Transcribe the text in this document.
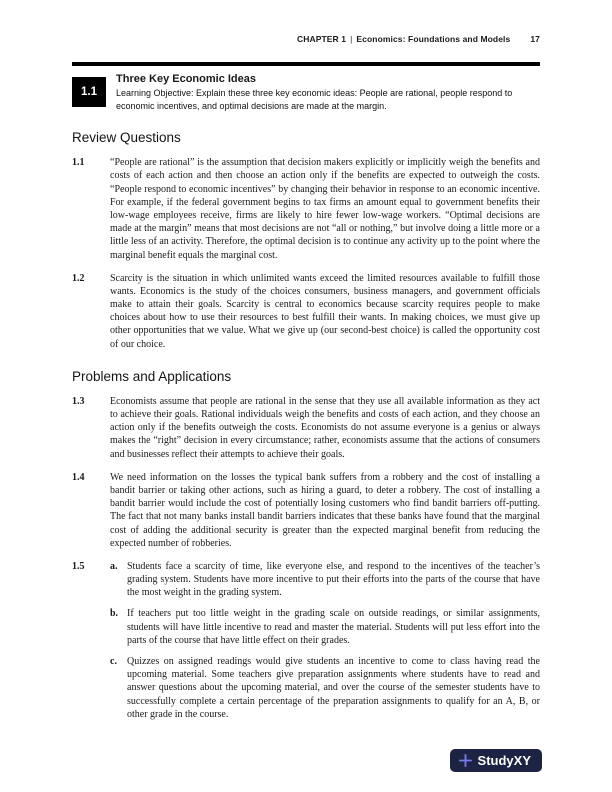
CHAPTER 1 | Economics: Foundations and Models 17
1.1
Three Key Economic Ideas
Learning Objective: Explain these three key economic ideas: People are rational, people respond to economic incentives, and optimal decisions are made at the margin.
Review Questions
1.1	“People are rational” is the assumption that decision makers explicitly or implicitly weigh the benefits and costs of each action and then choose an action only if the benefits are expected to outweigh the costs. “People respond to economic incentives” by changing their behavior in response to an economic incentive. For example, if the federal government begins to tax firms an amount equal to government benefits their low-wage employees receive, firms are likely to hire fewer low-wage workers. “Optimal decisions are made at the margin” means that most decisions are not “all or nothing,” but involve doing a little more or a little less of an activity. Therefore, the optimal decision is to continue any activity up to the point where the marginal benefit equals the marginal cost.

1.2	Scarcity is the situation in which unlimited wants exceed the limited resources available to fulfill those wants. Economics is the study of the choices consumers, business managers, and government officials make to attain their goals. Scarcity is central to economics because scarcity requires people to make choices about how to use their resources to best fulfill their wants. In making choices, we must give up other opportunities that we value. What we give up (our second-best choice) is called the opportunity cost of our choice.

Problems and Applications
1.3	Economists assume that people are rational in the sense that they use all available information as they act to achieve their goals. Rational individuals weigh the benefits and costs of each action, and they choose an action only if the benefits outweigh the costs. Economists do not assume everyone is a genius or always makes the “right” decision in every circumstance; rather, economists assume that the actions of consumers and businesses reflect their attempts to achieve their goals.

1.4	We need information on the losses the typical bank suffers from a robbery and the cost of installing a bandit barrier or taking other actions, such as hiring a guard, to deter a robbery. The cost of installing a bandit barrier would include the cost of potentially losing customers who find bandit barriers off-putting. The fact that not many banks install bandit barriers indicates that these banks have found that the marginal cost of adding the additional security is greater than the expected marginal benefit from reducing the expected number of robberies.

1.5	a. Students face a scarcity of time, like everyone else, and respond to the incentives of the teacher’s grading system. Students have more incentive to put their efforts into the parts of the course that have the most weight in the grading system.

b. If teachers put too little weight in the grading scale on outside readings, or similar assignments, students will have little incentive to read and master the material. Students will put less effort into the parts of the course that have little effect on their grades.

c.	Quizzes on assigned readings would give students an incentive to come to class having read the upcoming material. Some teachers give preparation assignments where students have to read and answer questions about the upcoming material, and over the course of the semester students have to successfully complete a certain percentage of the preparation assignments to qualify for an A, B, or other grade in the course.

StudyXY
